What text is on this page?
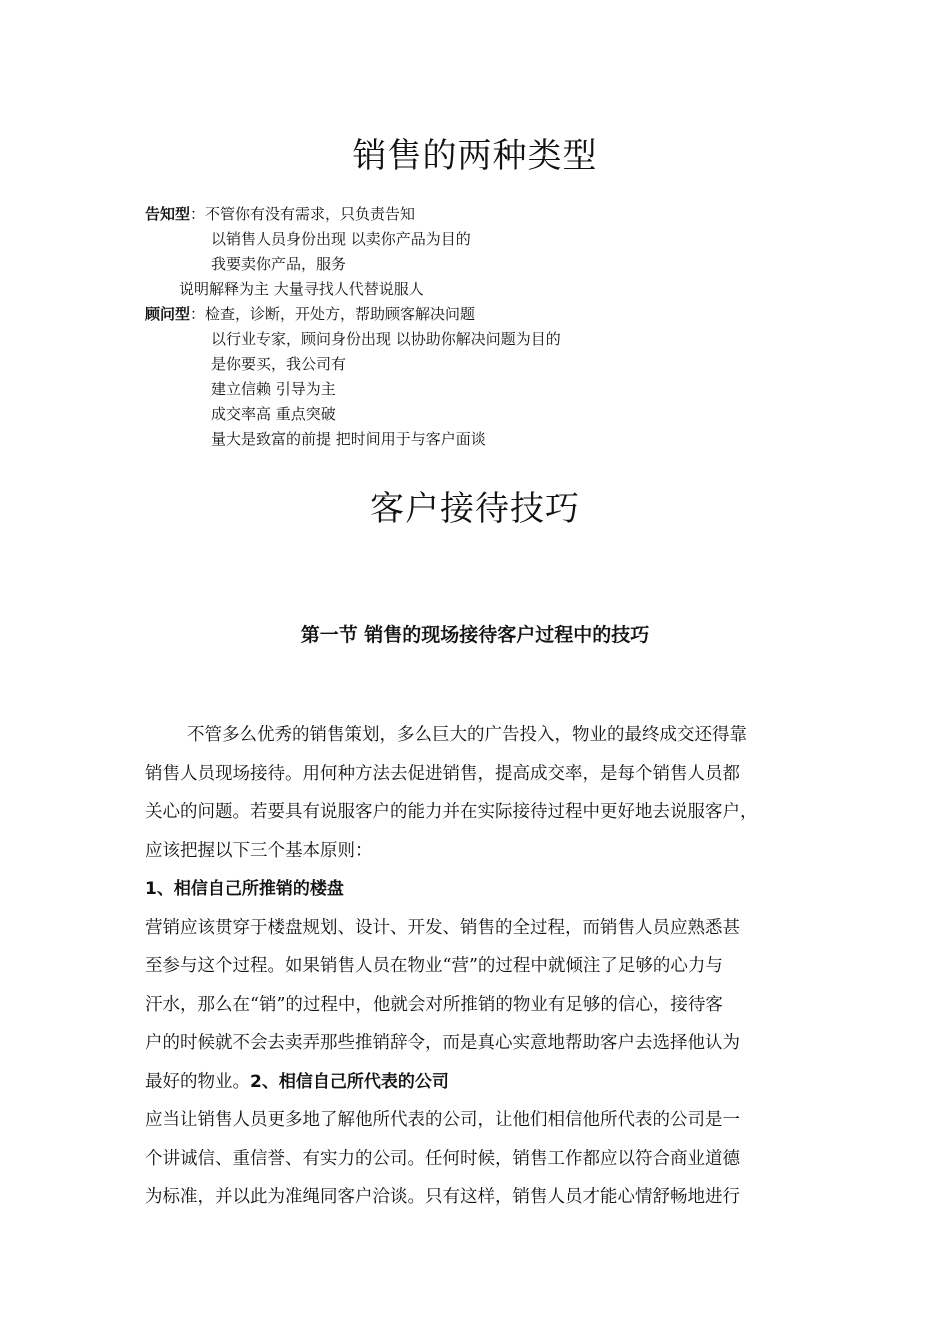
销售的两种类型
告知型：不管你有没有需求，只负责告知
以销售人员身份出现 以卖你产品为目的
我要卖你产品，服务
说明解释为主 大量寻找人代替说服人
顾问型：检查，诊断，开处方，帮助顾客解决问题
以行业专家，顾问身份出现 以协助你解决问题为目的
是你要买，我公司有
建立信赖 引导为主
成交率高 重点突破
量大是致富的前提 把时间用于与客户面谈
客户接待技巧
第一节 销售的现场接待客户过程中的技巧
不管多么优秀的销售策划，多么巨大的广告投入，物业的最终成交还得靠
销售人员现场接待。用何种方法去促进销售，提高成交率，是每个销售人员都
关心的问题。若要具有说服客户的能力并在实际接待过程中更好地去说服客户，
应该把握以下三个基本原则：
1、相信自己所推销的楼盘
营销应该贯穿于楼盘规划、设计、开发、销售的全过程，而销售人员应熟悉甚
至参与这个过程。如果销售人员在物业“营”的过程中就倾注了足够的心力与
汗水，那么在“销”的过程中，他就会对所推销的物业有足够的信心，接待客
户的时候就不会去卖弄那些推销辞令，而是真心实意地帮助客户去选择他认为
最好的物业。2、相信自己所代表的公司
应当让销售人员更多地了解他所代表的公司，让他们相信他所代表的公司是一
个讲诚信、重信誉、有实力的公司。任何时候，销售工作都应以符合商业道德
为标准，并以此为准绳同客户洽谈。只有这样，销售人员才能心情舒畅地进行
